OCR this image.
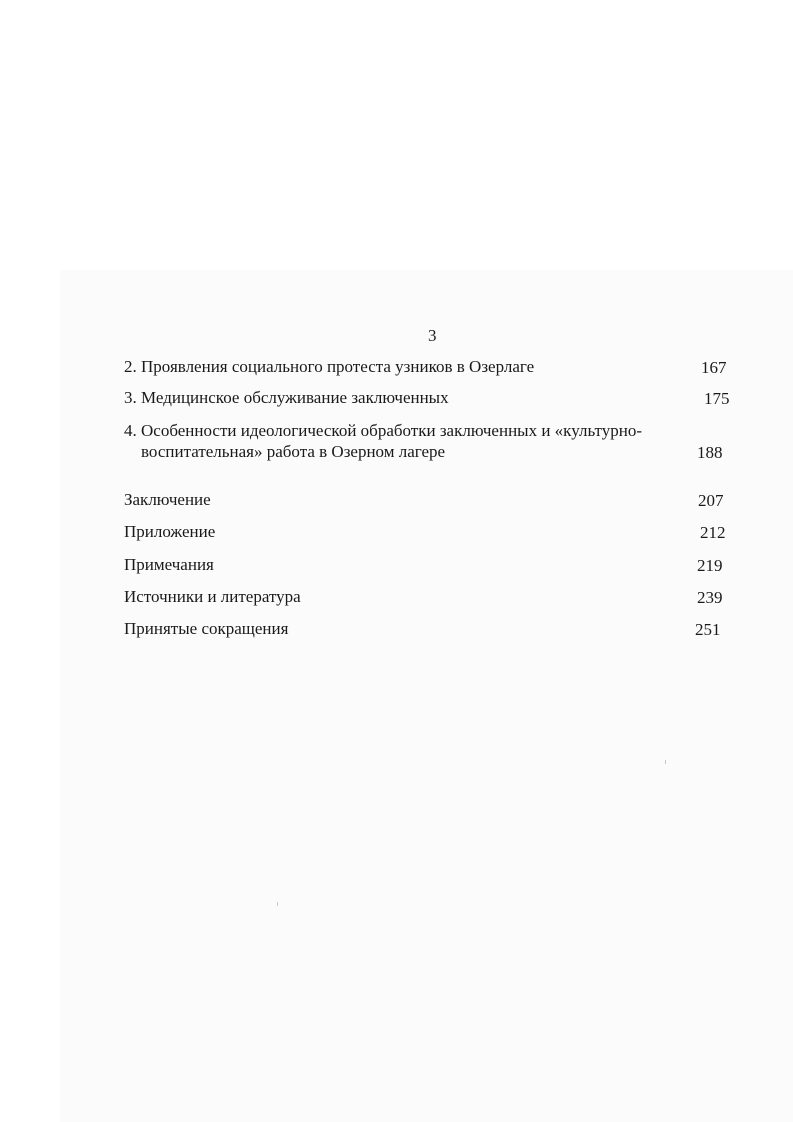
3
2. Проявления социального протеста узников в Озерлаге	167
3. Медицинское обслуживание заключенных	175
4. Особенности идеологической обработки заключенных и «культурно-
воспитательная» работа в Озерном лагере	188
Заключение	207
Приложение	212
Примечания	219
Источники и литература	239
Принятые сокращения	251
